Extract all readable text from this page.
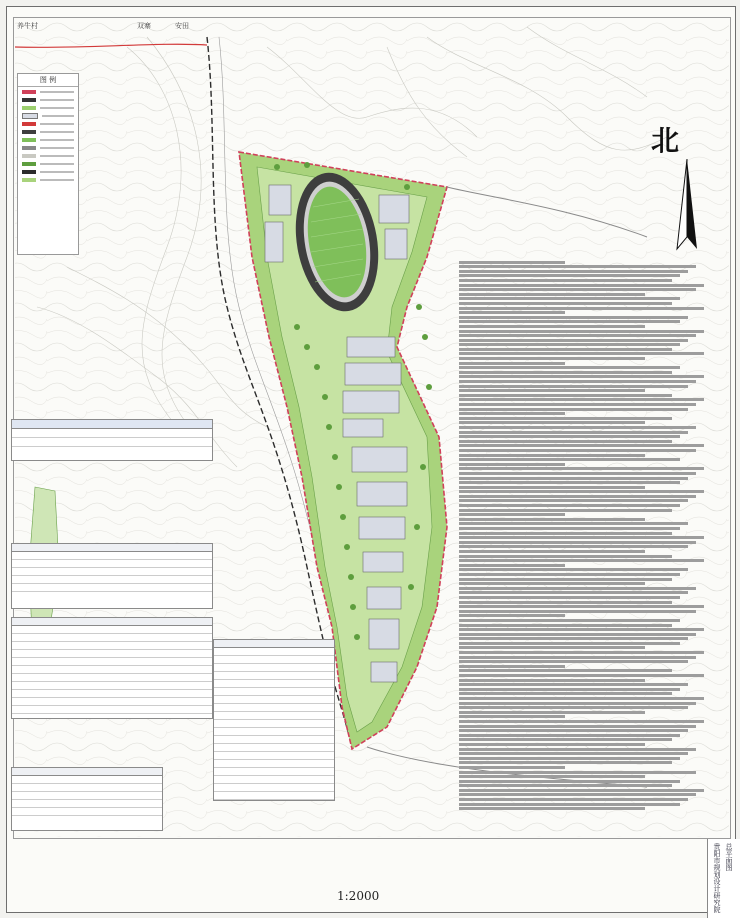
养牛村	双寨	安田
图 例
北
1:2000	贵阳市规划设计研究院 总平面图
